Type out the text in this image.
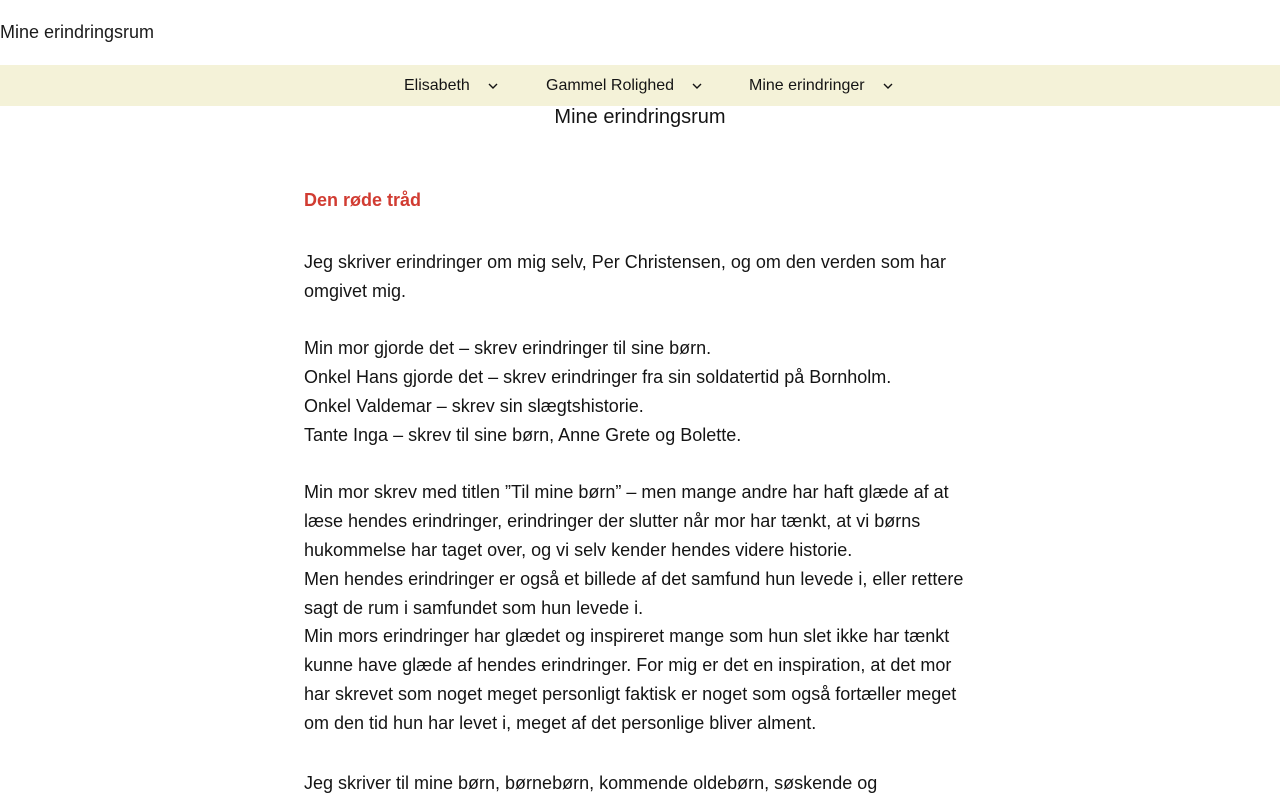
Mine erindringsrum
Elisabeth	Gammel Rolighed	Mine erindringer
Mine erindringsrum
Den røde tråd

Jeg skriver erindringer om mig selv, Per Christensen, og om den verden som har omgivet mig.

Min mor gjorde det – skrev erindringer til sine børn.

Onkel Hans gjorde det – skrev erindringer fra sin soldatertid på Bornholm.

Onkel Valdemar – skrev sin slægtshistorie.

Tante Inga – skrev til sine børn, Anne Grete og Bolette.

Min mor skrev med titlen ”Til mine børn” – men mange andre har haft glæde af at læse hendes erindringer, erindringer der slutter når mor har tænkt, at vi børns hukommelse har taget over, og vi selv kender hendes videre historie.

Men hendes erindringer er også et billede af det samfund hun levede i, eller rettere sagt de rum i samfundet som hun levede i.

Min mors erindringer har glædet og inspireret mange som hun slet ikke har tænkt kunne have glæde af hendes erindringer. For mig er det en inspiration, at det mor har skrevet som noget meget personligt faktisk er noget som også fortæller meget om den tid hun har levet i, meget af det personlige bliver alment.

Jeg skriver til mine børn, børnebørn, kommende oldebørn, søskende og
